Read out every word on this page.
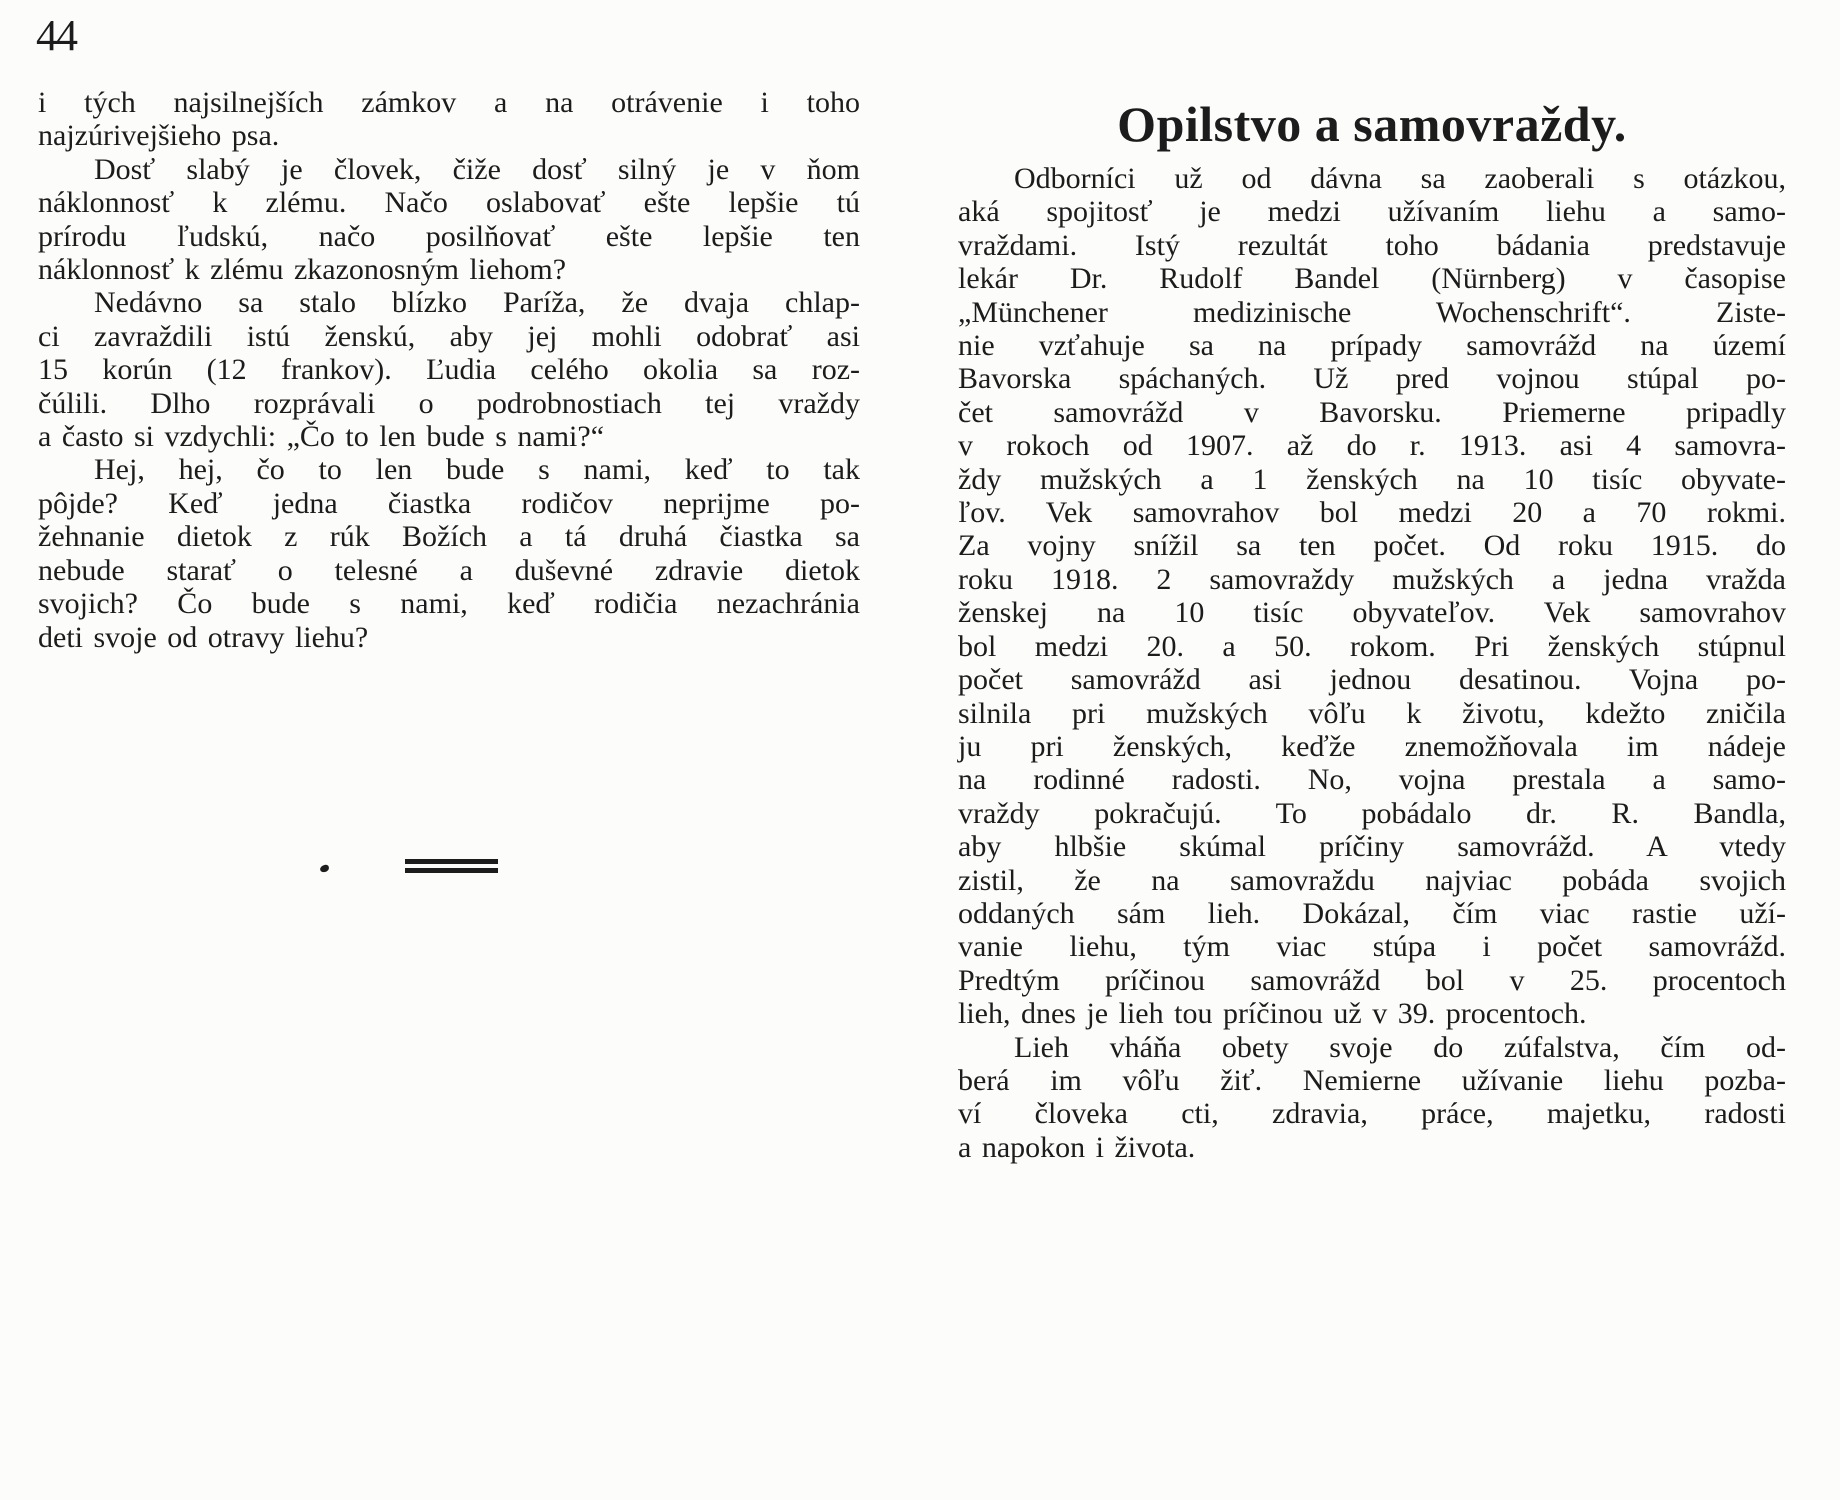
44

i tých najsilnejších zámkov a na otrávenie i toho
najzúrivejšieho psa.

Dosť slabý je človek, čiže dosť silný je v ňom
náklonnosť k zlému. Načo oslabovať ešte lepšie tú
prírodu ľudskú, načo posilňovať ešte lepšie ten
náklonnosť k zlému zkazonosným liehom?

Nedávno sa stalo blízko Paríža, že dvaja chlap-
ci zavraždili istú ženskú, aby jej mohli odobrať asi
15 korún (12 frankov). Ľudia celého okolia sa roz-
čúlili. Dlho rozprávali o podrobnostiach tej vraždy
a často si vzdychli: „Čo to len bude s nami?“

Hej, hej, čo to len bude s nami, keď to tak
pôjde? Keď jedna čiastka rodičov neprijme po-
žehnanie dietok z rúk Božích a tá druhá čiastka sa
nebude starať o telesné a duševné zdravie dietok
svojich? Čo bude s nami, keď rodičia nezachránia
deti svoje od otravy liehu?

Opilstvo a samovraždy.

Odborníci už od dávna sa zaoberali s otázkou,
aká spojitosť je medzi užívaním liehu a samo-
vraždami. Istý rezultát toho bádania predstavuje
lekár Dr. Rudolf Bandel (Nürnberg) v časopise
„Münchener medizinische Wochenschrift“. Ziste-
nie vzťahuje sa na prípady samovrážd na území
Bavorska spáchaných. Už pred vojnou stúpal po-
čet samovrážd v Bavorsku. Priemerne pripadly
v rokoch od 1907. až do r. 1913. asi 4 samovra-
ždy mužských a 1 ženských na 10 tisíc obyvate-
ľov. Vek samovrahov bol medzi 20 a 70 rokmi.
Za vojny snížil sa ten počet. Od roku 1915. do
roku 1918. 2 samovraždy mužských a jedna vražda
ženskej na 10 tisíc obyvateľov. Vek samovrahov
bol medzi 20. a 50. rokom. Pri ženských stúpnul
počet samovrážd asi jednou desatinou. Vojna po-
silnila pri mužských vôľu k životu, kdežto zničila
ju pri ženských, keďže znemožňovala im nádeje
na rodinné radosti. No, vojna prestala a samo-
vraždy pokračujú. To pobádalo dr. R. Bandla,
aby hlbšie skúmal príčiny samovrážd. A vtedy
zistil, že na samovraždu najviac pobáda svojich
oddaných sám lieh. Dokázal, čím viac rastie uží-
vanie liehu, tým viac stúpa i počet samovrážd.
Predtým príčinou samovrážd bol v 25. procentoch
lieh, dnes je lieh tou príčinou už v 39. procentoch.

Lieh vháňa obety svoje do zúfalstva, čím od-
berá im vôľu žiť. Nemierne užívanie liehu pozba-
ví človeka cti, zdravia, práce, majetku, radosti
a napokon i života.
